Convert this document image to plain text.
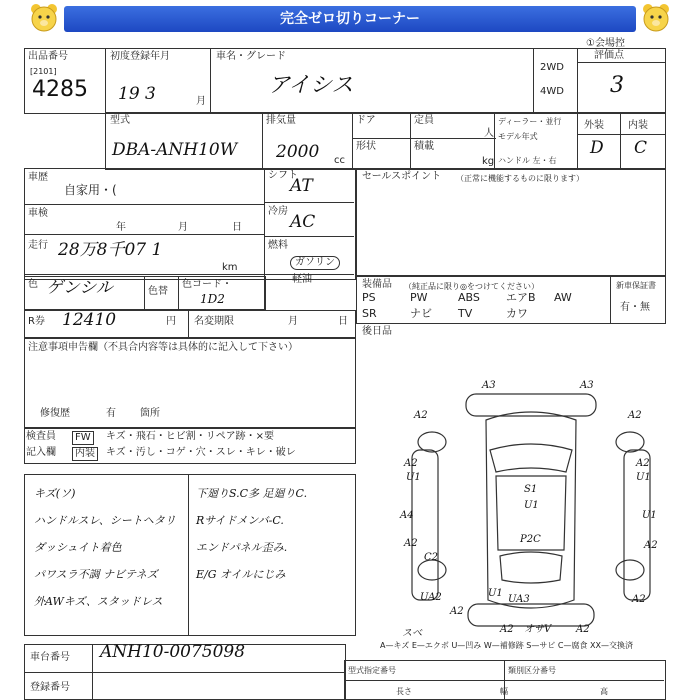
完全ゼロ切りコーナー
①会場控
出品番号
[2101]
4285
初度登録年月
19 3	月
車名・グレード
アイシス
2WD
4WD
評価点
3
型式
DBA-ANH10W
排気量
2000 cc
ドア	定員
人
形状	積載
kg
ディーラー・並行
モデル年式
ハンドル 左・右
外装 内装
D C
車歴
自家用・(
車検
年	月	日
走行 28万8千07 1
km
シフト
AT
冷房
AC
燃料
ガソリン
軽油
色 ゲンシル	色替
色コード・
1D2
R券 12410	円 名変期限	月	日
セールスポイント （正常に機能するものに限ります）
装備品 （純正品に限り◎をつけてください）	新車保証書
有・無
PS	PW	ABS エアB AW
SR	ナビ TV	カワ
後日品
注意事項申告欄（不具合内容等は具体的に記入して下さい）
修復歴	有 箇所
検査員
記入欄
FW
内装
キズ・飛石・ヒビ割・リペア跡・×要
キズ・汚し・コゲ・穴・スレ・キレ・破レ
キズ(ソ)
ハンドルスレ、シートヘタリ
ダッシュイト着色
パワスラ不調 ナビテネズ
外AWキズ、スタッドレス
下廻りS.C多 足廻りC.
Rサイドメンバ-C.
エンドパネル歪み.
E/G オイルにじみ
A3	A3
A2	A2
A2
U1
A2
U1
S1
U1
A4	U1
A2	A2
C2
P2C
U1
UA2	UA3
A2
A2	A2
A2
オサV
スベ
A—キズ E—エクボ U—凹み W—補修跡 S—サビ C—腐食 XX—交換済
車台番号 ANH10-0075098
登録番号
型式指定番号	類別区分番号
長さ	幅	高
